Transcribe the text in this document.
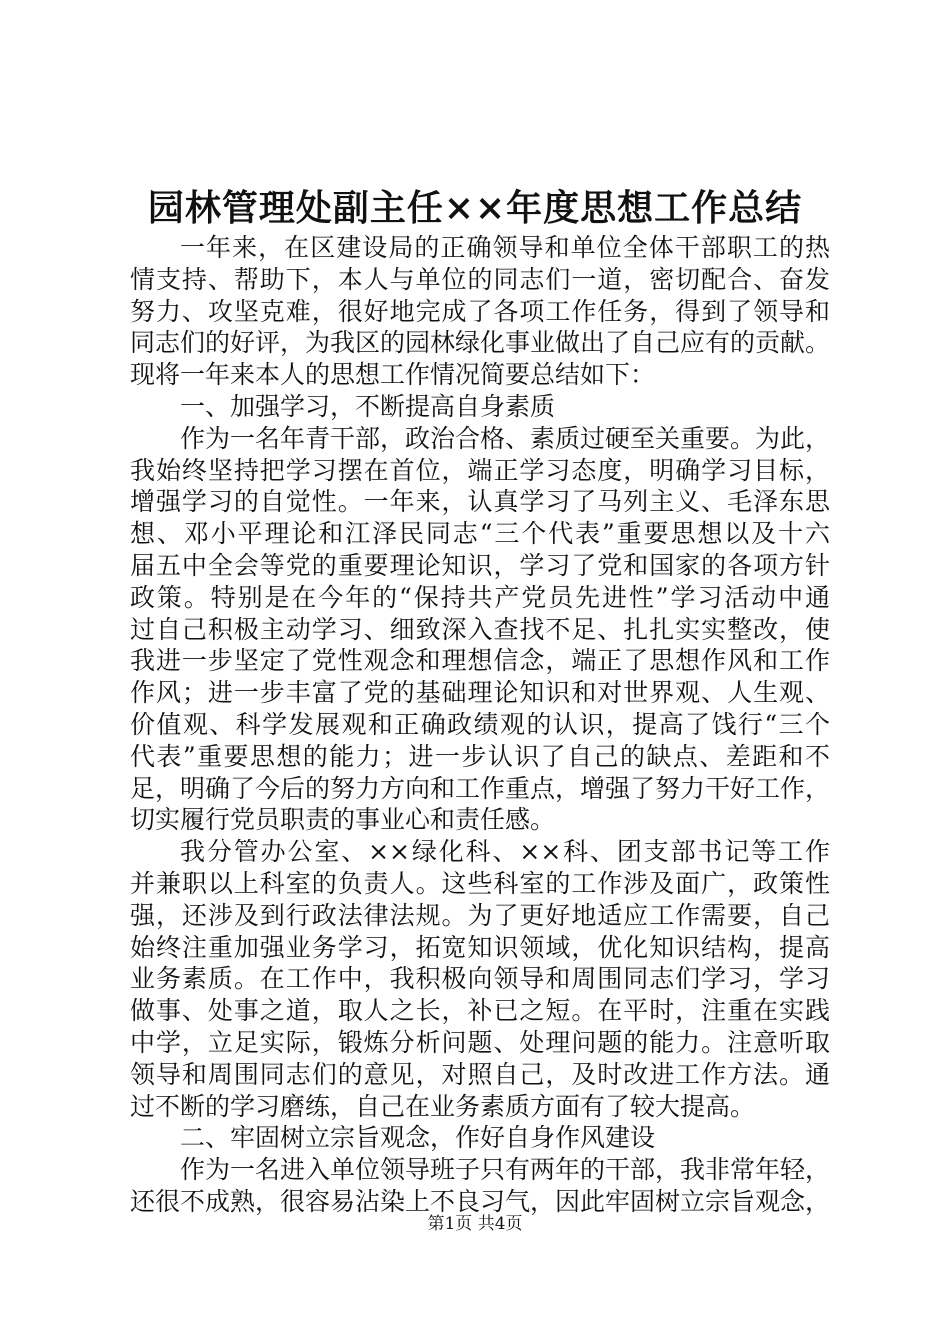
园林管理处副主任××年度思想工作总结
一年来，在区建设局的正确领导和单位全体干部职工的热
情支持、帮助下，本人与单位的同志们一道，密切配合、奋发
努力、攻坚克难，很好地完成了各项工作任务，得到了领导和
同志们的好评，为我区的园林绿化事业做出了自己应有的贡献。
现将一年来本人的思想工作情况简要总结如下：
一、加强学习，不断提高自身素质
作为一名年青干部，政治合格、素质过硬至关重要。为此，
我始终坚持把学习摆在首位，端正学习态度，明确学习目标，
增强学习的自觉性。一年来，认真学习了马列主义、毛泽东思
想、邓小平理论和江泽民同志“三个代表”重要思想以及十六
届五中全会等党的重要理论知识，学习了党和国家的各项方针
政策。特别是在今年的“保持共产党员先进性”学习活动中通
过自己积极主动学习、细致深入查找不足、扎扎实实整改，使
我进一步坚定了党性观念和理想信念，端正了思想作风和工作
作风；进一步丰富了党的基础理论知识和对世界观、人生观、
价值观、科学发展观和正确政绩观的认识，提高了饯行“三个
代表”重要思想的能力；进一步认识了自己的缺点、差距和不
足，明确了今后的努力方向和工作重点，增强了努力干好工作，
切实履行党员职责的事业心和责任感。
我分管办公室、××绿化科、××科、团支部书记等工作
并兼职以上科室的负责人。这些科室的工作涉及面广，政策性
强，还涉及到行政法律法规。为了更好地适应工作需要，自己
始终注重加强业务学习，拓宽知识领域，优化知识结构，提高
业务素质。在工作中，我积极向领导和周围同志们学习，学习
做事、处事之道，取人之长，补已之短。在平时，注重在实践
中学，立足实际，锻炼分析问题、处理问题的能力。注意听取
领导和周围同志们的意见，对照自己，及时改进工作方法。通
过不断的学习磨练，自己在业务素质方面有了较大提高。
二、牢固树立宗旨观念，作好自身作风建设
作为一名进入单位领导班子只有两年的干部，我非常年轻，
还很不成熟，很容易沾染上不良习气，因此牢固树立宗旨观念，
第1页 共4页
